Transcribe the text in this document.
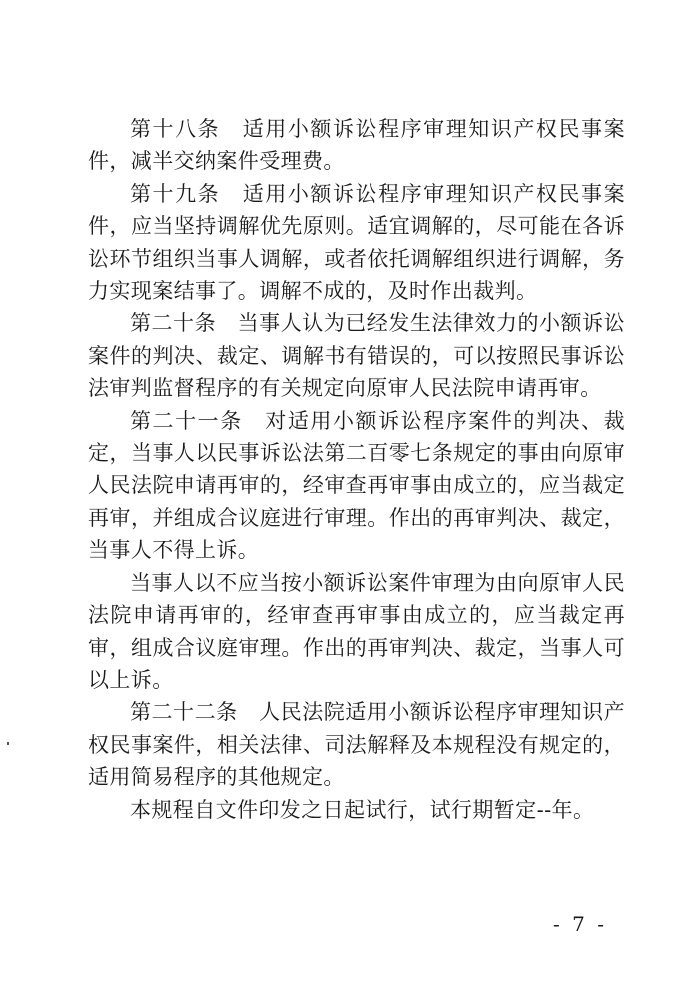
第十八条　适用小额诉讼程序审理知识产权民事案件，减半交纳案件受理费。

第十九条　适用小额诉讼程序审理知识产权民事案件，应当坚持调解优先原则。适宜调解的，尽可能在各诉讼环节组织当事人调解，或者依托调解组织进行调解，务力实现案结事了。调解不成的，及时作出裁判。

第二十条　当事人认为已经发生法律效力的小额诉讼案件的判决、裁定、调解书有错误的，可以按照民事诉讼法审判监督程序的有关规定向原审人民法院申请再审。

第二十一条　对适用小额诉讼程序案件的判决、裁定，当事人以民事诉讼法第二百零七条规定的事由向原审人民法院申请再审的，经审查再审事由成立的，应当裁定再审，并组成合议庭进行审理。作出的再审判决、裁定，当事人不得上诉。

当事人以不应当按小额诉讼案件审理为由向原审人民法院申请再审的，经审查再审事由成立的，应当裁定再审，组成合议庭审理。作出的再审判决、裁定，当事人可以上诉。

第二十二条　人民法院适用小额诉讼程序审理知识产权民事案件，相关法律、司法解释及本规程没有规定的，适用简易程序的其他规定。

本规程自文件印发之日起试行，试行期暂定--年。

- 7 -
